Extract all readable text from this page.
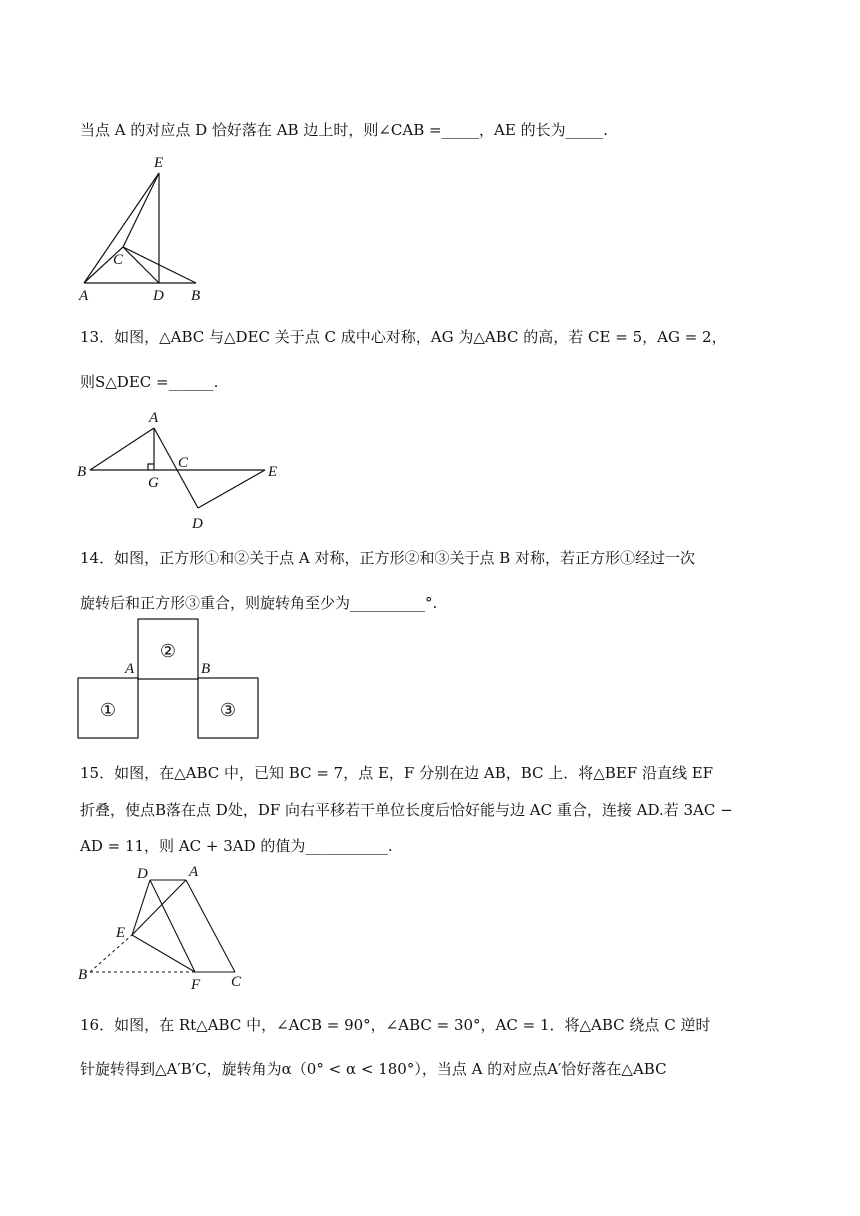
当点 A 的对应点 D 恰好落在 AB 边上时，则∠CAB =_____，AE 的长为_____.
E
C
A	D B
13．如图，△ABC 与△DEC 关于点 C 成中心对称，AG 为△ABC 的高，若 CE = 5，AG = 2，
则S△DEC =______.
A
B
G
C
E
D
14．如图，正方形①和②关于点 A 对称，正方形②和③关于点 B 对称，若正方形①经过一次
旋转后和正方形③重合，则旋转角至少为__________°.
②
A	B
①	③
15．如图，在△ABC 中，已知 BC = 7，点 E，F 分别在边 AB，BC 上．将△BEF 沿直线 EF
折叠，使点B落在点 D处，DF 向右平移若干单位长度后恰好能与边 AC 重合，连接 AD.若 3AC −
AD = 11，则 AC + 3AD 的值为___________.
D	A
E
B
F C
16．如图，在 Rt△ABC 中，∠ACB = 90°，∠ABC = 30°，AC = 1．将△ABC 绕点 C 逆时
针旋转得到△A′B′C，旋转角为α（0° < α < 180°），当点 A 的对应点A′恰好落在△ABC
